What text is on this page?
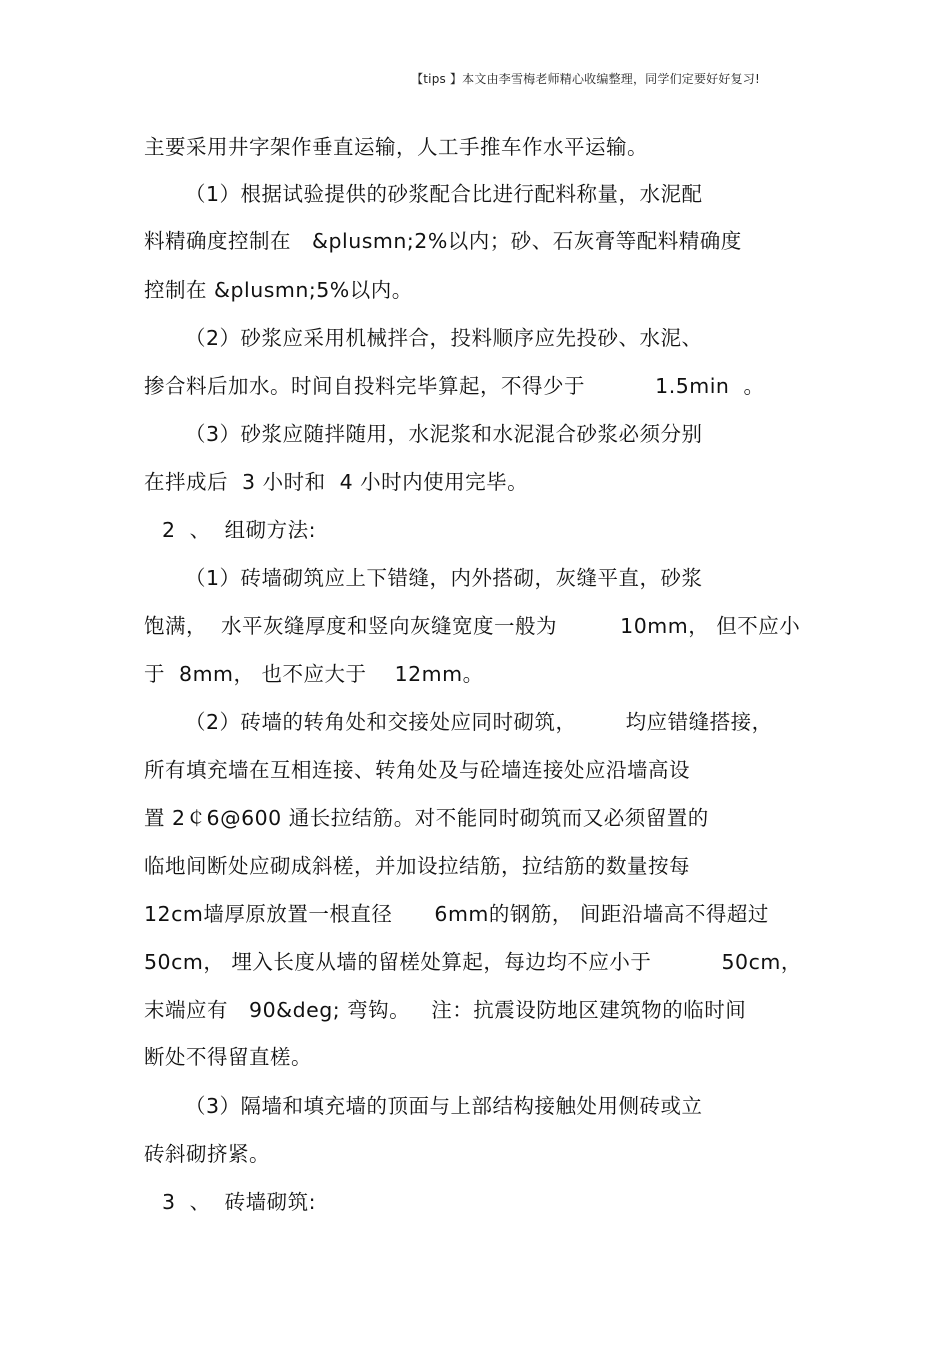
【tips 】本文由李雪梅老师精心收编整理，同学们定要好好复习!
主要采用井字架作垂直运输，人工手推车作水平运输。
（1）根据试验提供的砂浆配合比进行配料称量，水泥配
料精确度控制在   &plusmn;2%以内；砂、石灰膏等配料精确度
控制在 &plusmn;5%以内。
（2）砂浆应采用机械拌合，投料顺序应先投砂、水泥、
掺合料后加水。时间自投料完毕算起，不得少于          1.5min  。
（3）砂浆应随拌随用，水泥浆和水泥混合砂浆必须分别
在拌成后  3 小时和  4 小时内使用完毕。
2  、  组砌方法:
（1）砖墙砌筑应上下错缝，内外搭砌，灰缝平直，砂浆
饱满，  水平灰缝厚度和竖向灰缝宽度一般为         10mm， 但不应小
于  8mm， 也不应大于    12mm。
（2）砖墙的转角处和交接处应同时砌筑，       均应错缝搭接，
所有填充墙在互相连接、转角处及与砼墙连接处应沿墙高设
置 2￠6@600 通长拉结筋。对不能同时砌筑而又必须留置的
临地间断处应砌成斜槎，并加设拉结筋，拉结筋的数量按每
12cm墙厚原放置一根直径      6mm的钢筋， 间距沿墙高不得超过
50cm， 埋入长度从墙的留槎处算起，每边均不应小于          50cm，
末端应有   90&deg; 弯钩。   注：抗震设防地区建筑物的临时间
断处不得留直槎。
（3）隔墙和填充墙的顶面与上部结构接触处用侧砖或立
砖斜砌挤紧。
3  、  砖墙砌筑:
